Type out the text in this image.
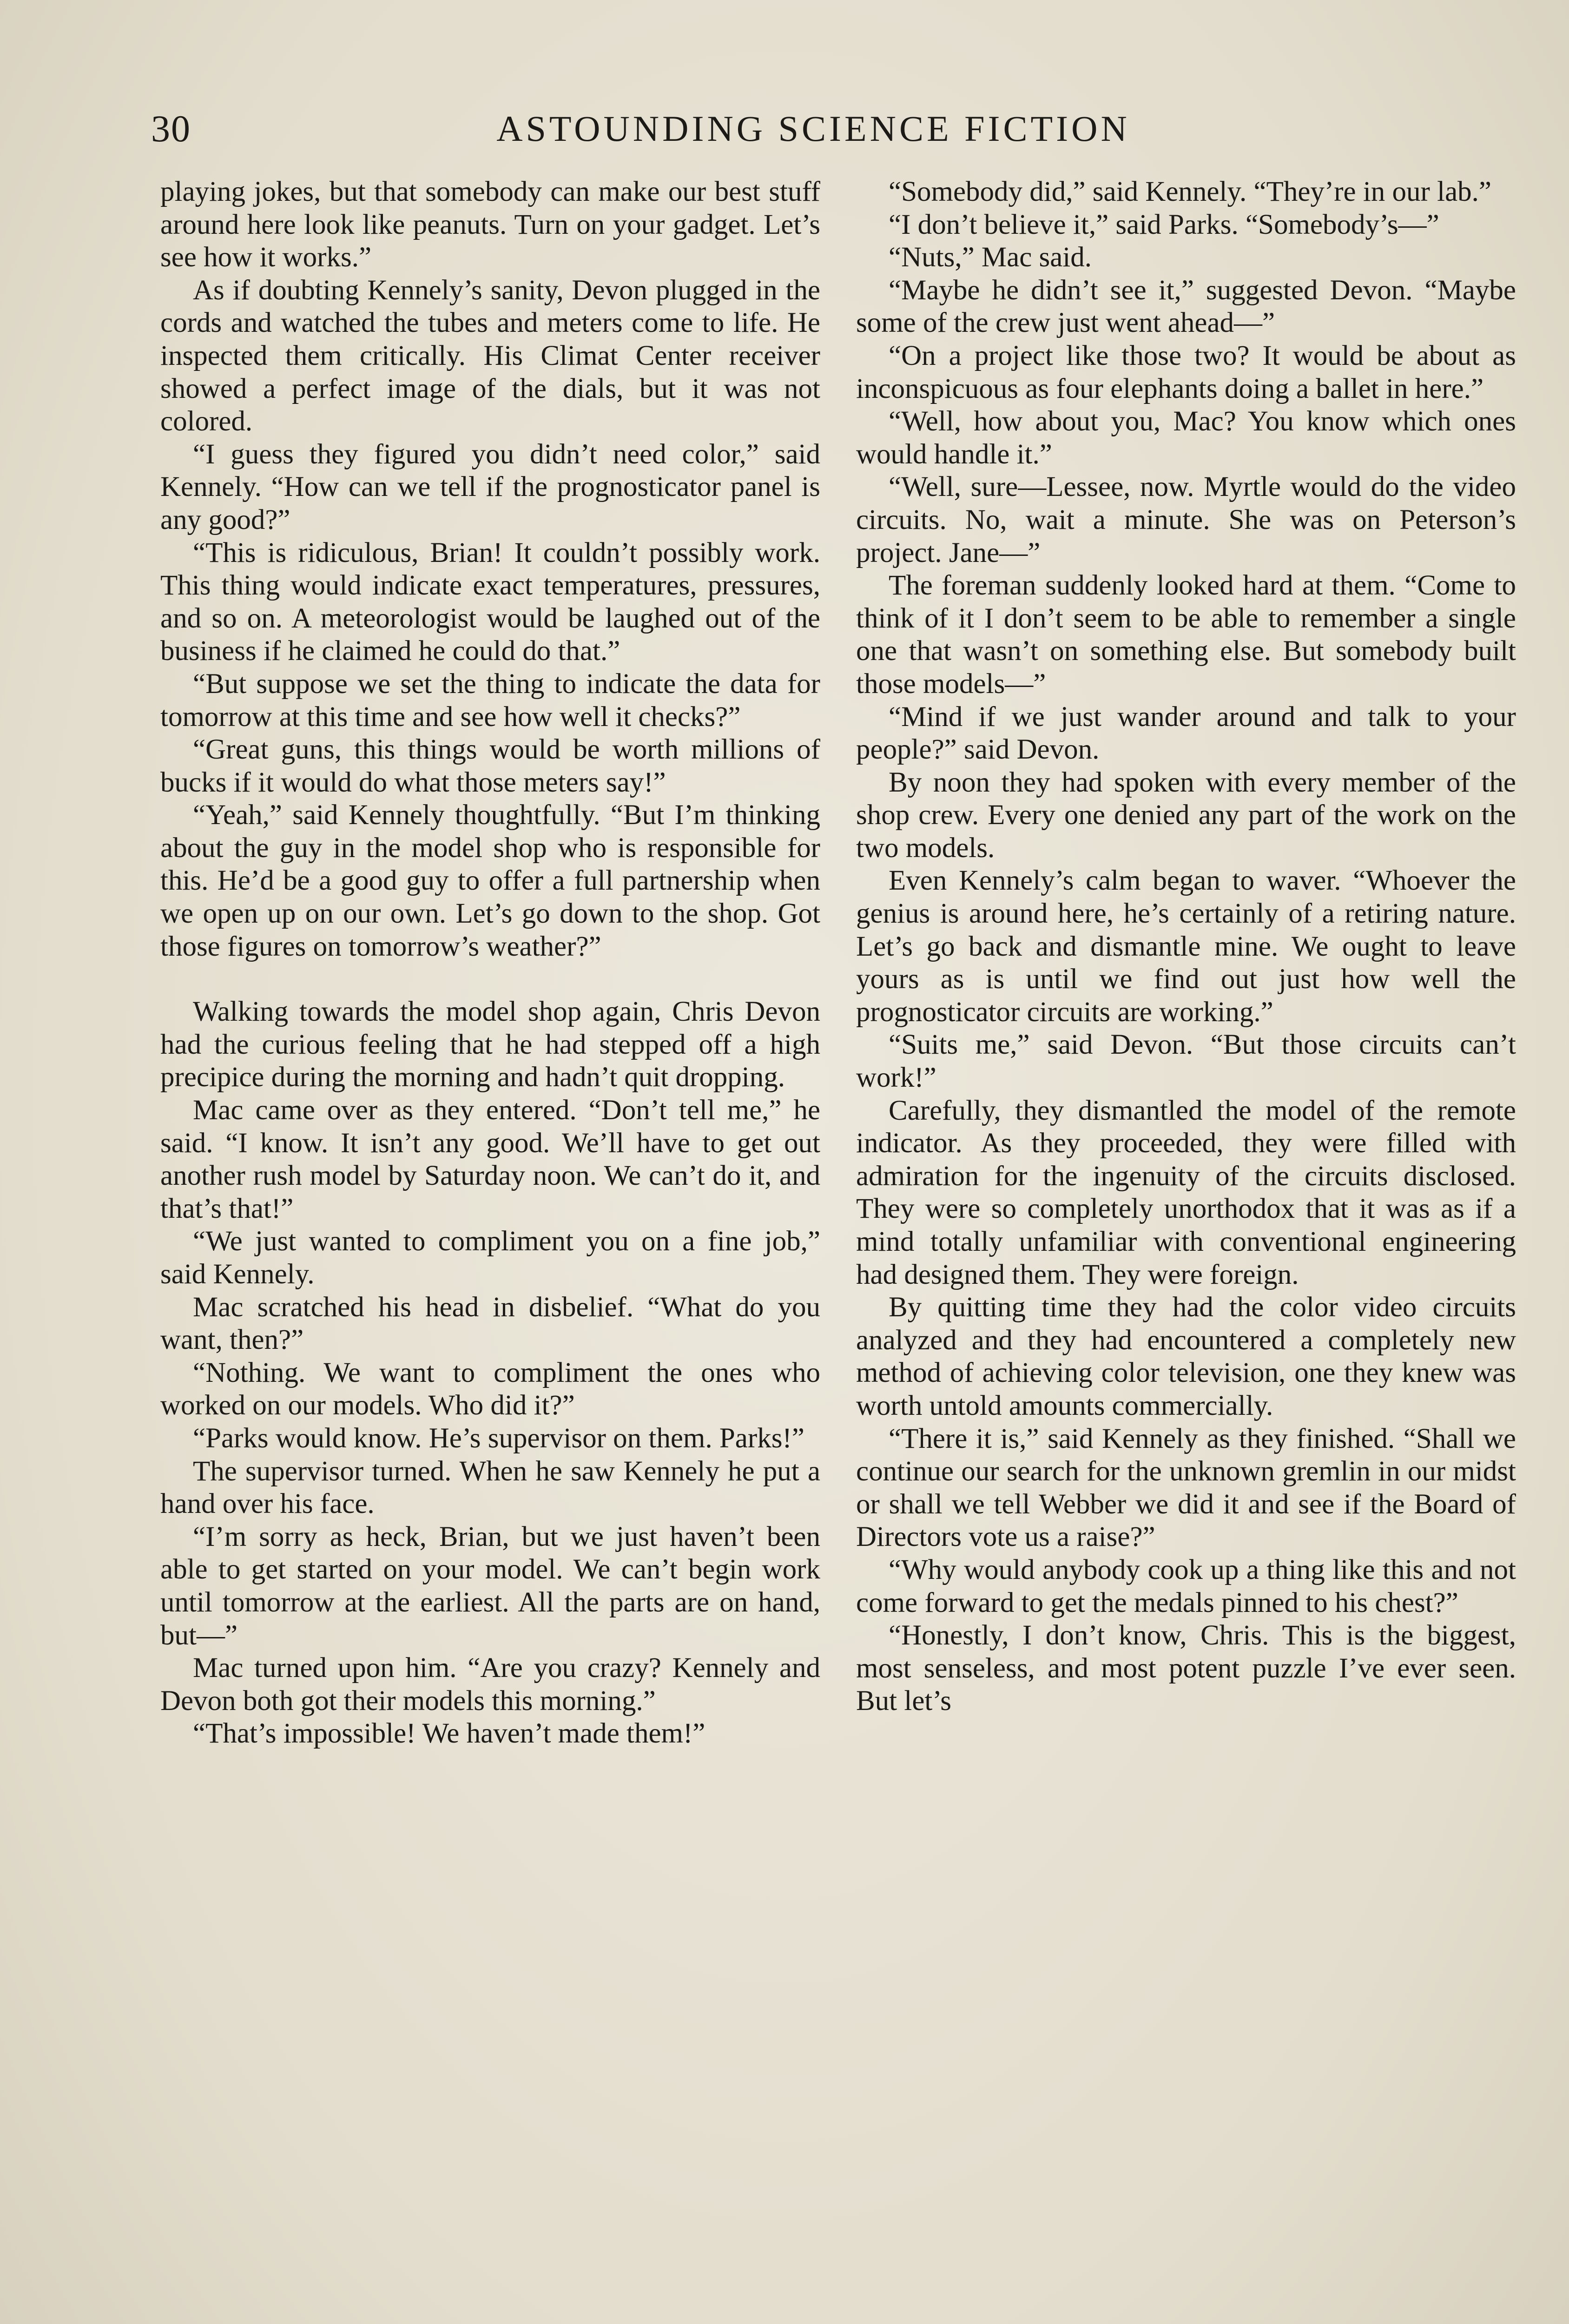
30	ASTOUNDING SCIENCE FICTION

playing jokes, but that somebody can make our best stuff around here look like peanuts. Turn on your gadget. Let’s see how it works.”

As if doubting Kennely’s sanity, Devon plugged in the cords and watched the tubes and meters come to life. He inspected them critically. His Climat Center receiver showed a perfect image of the dials, but it was not colored.

“I guess they figured you didn’t need color,” said Kennely. “How can we tell if the prognosticator panel is any good?”

“This is ridiculous, Brian! It couldn’t possibly work. This thing would indicate exact temperatures, pressures, and so on. A meteorologist would be laughed out of the business if he claimed he could do that.”

“But suppose we set the thing to indicate the data for tomorrow at this time and see how well it checks?”

“Great guns, this things would be worth millions of bucks if it would do what those meters say!”

“Yeah,” said Kennely thoughtfully. “But I’m thinking about the guy in the model shop who is responsible for this. He’d be a good guy to offer a full partnership when we open up on our own. Let’s go down to the shop. Got those figures on tomorrow’s weather?”

Walking towards the model shop again, Chris Devon had the curious feeling that he had stepped off a high precipice during the morning and hadn’t quit dropping.

Mac came over as they entered. “Don’t tell me,” he said. “I know. It isn’t any good. We’ll have to get out another rush model by Saturday noon. We can’t do it, and that’s that!”

“We just wanted to compliment you on a fine job,” said Kennely.

Mac scratched his head in disbelief. “What do you want, then?”

“Nothing. We want to compliment the ones who worked on our models. Who did it?”

“Parks would know. He’s supervisor on them. Parks!”

The supervisor turned. When he saw Kennely he put a hand over his face.

“I’m sorry as heck, Brian, but we just haven’t been able to get started on your model. We can’t begin work until tomorrow at the earliest. All the parts are on hand, but—”

Mac turned upon him. “Are you crazy? Kennely and Devon both got their models this morning.”

“That’s impossible! We haven’t made them!”

“Somebody did,” said Kennely. “They’re in our lab.”

“I don’t believe it,” said Parks. “Somebody’s—”

“Nuts,” Mac said.

“Maybe he didn’t see it,” suggested Devon. “Maybe some of the crew just went ahead—”

“On a project like those two? It would be about as inconspicuous as four elephants doing a ballet in here.”

“Well, how about you, Mac? You know which ones would handle it.”

“Well, sure—Lessee, now. Myrtle would do the video circuits. No, wait a minute. She was on Peterson’s project. Jane—”

The foreman suddenly looked hard at them. “Come to think of it I don’t seem to be able to remember a single one that wasn’t on something else. But somebody built those models—”

“Mind if we just wander around and talk to your people?” said Devon.

By noon they had spoken with every member of the shop crew. Every one denied any part of the work on the two models.

Even Kennely’s calm began to waver. “Whoever the genius is around here, he’s certainly of a retiring nature. Let’s go back and dismantle mine. We ought to leave yours as is until we find out just how well the prognosticator circuits are working.”

“Suits me,” said Devon. “But those circuits can’t work!”

Carefully, they dismantled the model of the remote indicator. As they proceeded, they were filled with admiration for the ingenuity of the circuits disclosed. They were so completely unorthodox that it was as if a mind totally unfamiliar with conventional engineering had designed them. They were foreign.

By quitting time they had the color video circuits analyzed and they had encountered a completely new method of achieving color television, one they knew was worth untold amounts commercially.

“There it is,” said Kennely as they finished. “Shall we continue our search for the unknown gremlin in our midst or shall we tell Webber we did it and see if the Board of Directors vote us a raise?”

“Why would anybody cook up a thing like this and not come forward to get the medals pinned to his chest?”

“Honestly, I don’t know, Chris. This is the biggest, most senseless, and most potent puzzle I’ve ever seen. But let’s
